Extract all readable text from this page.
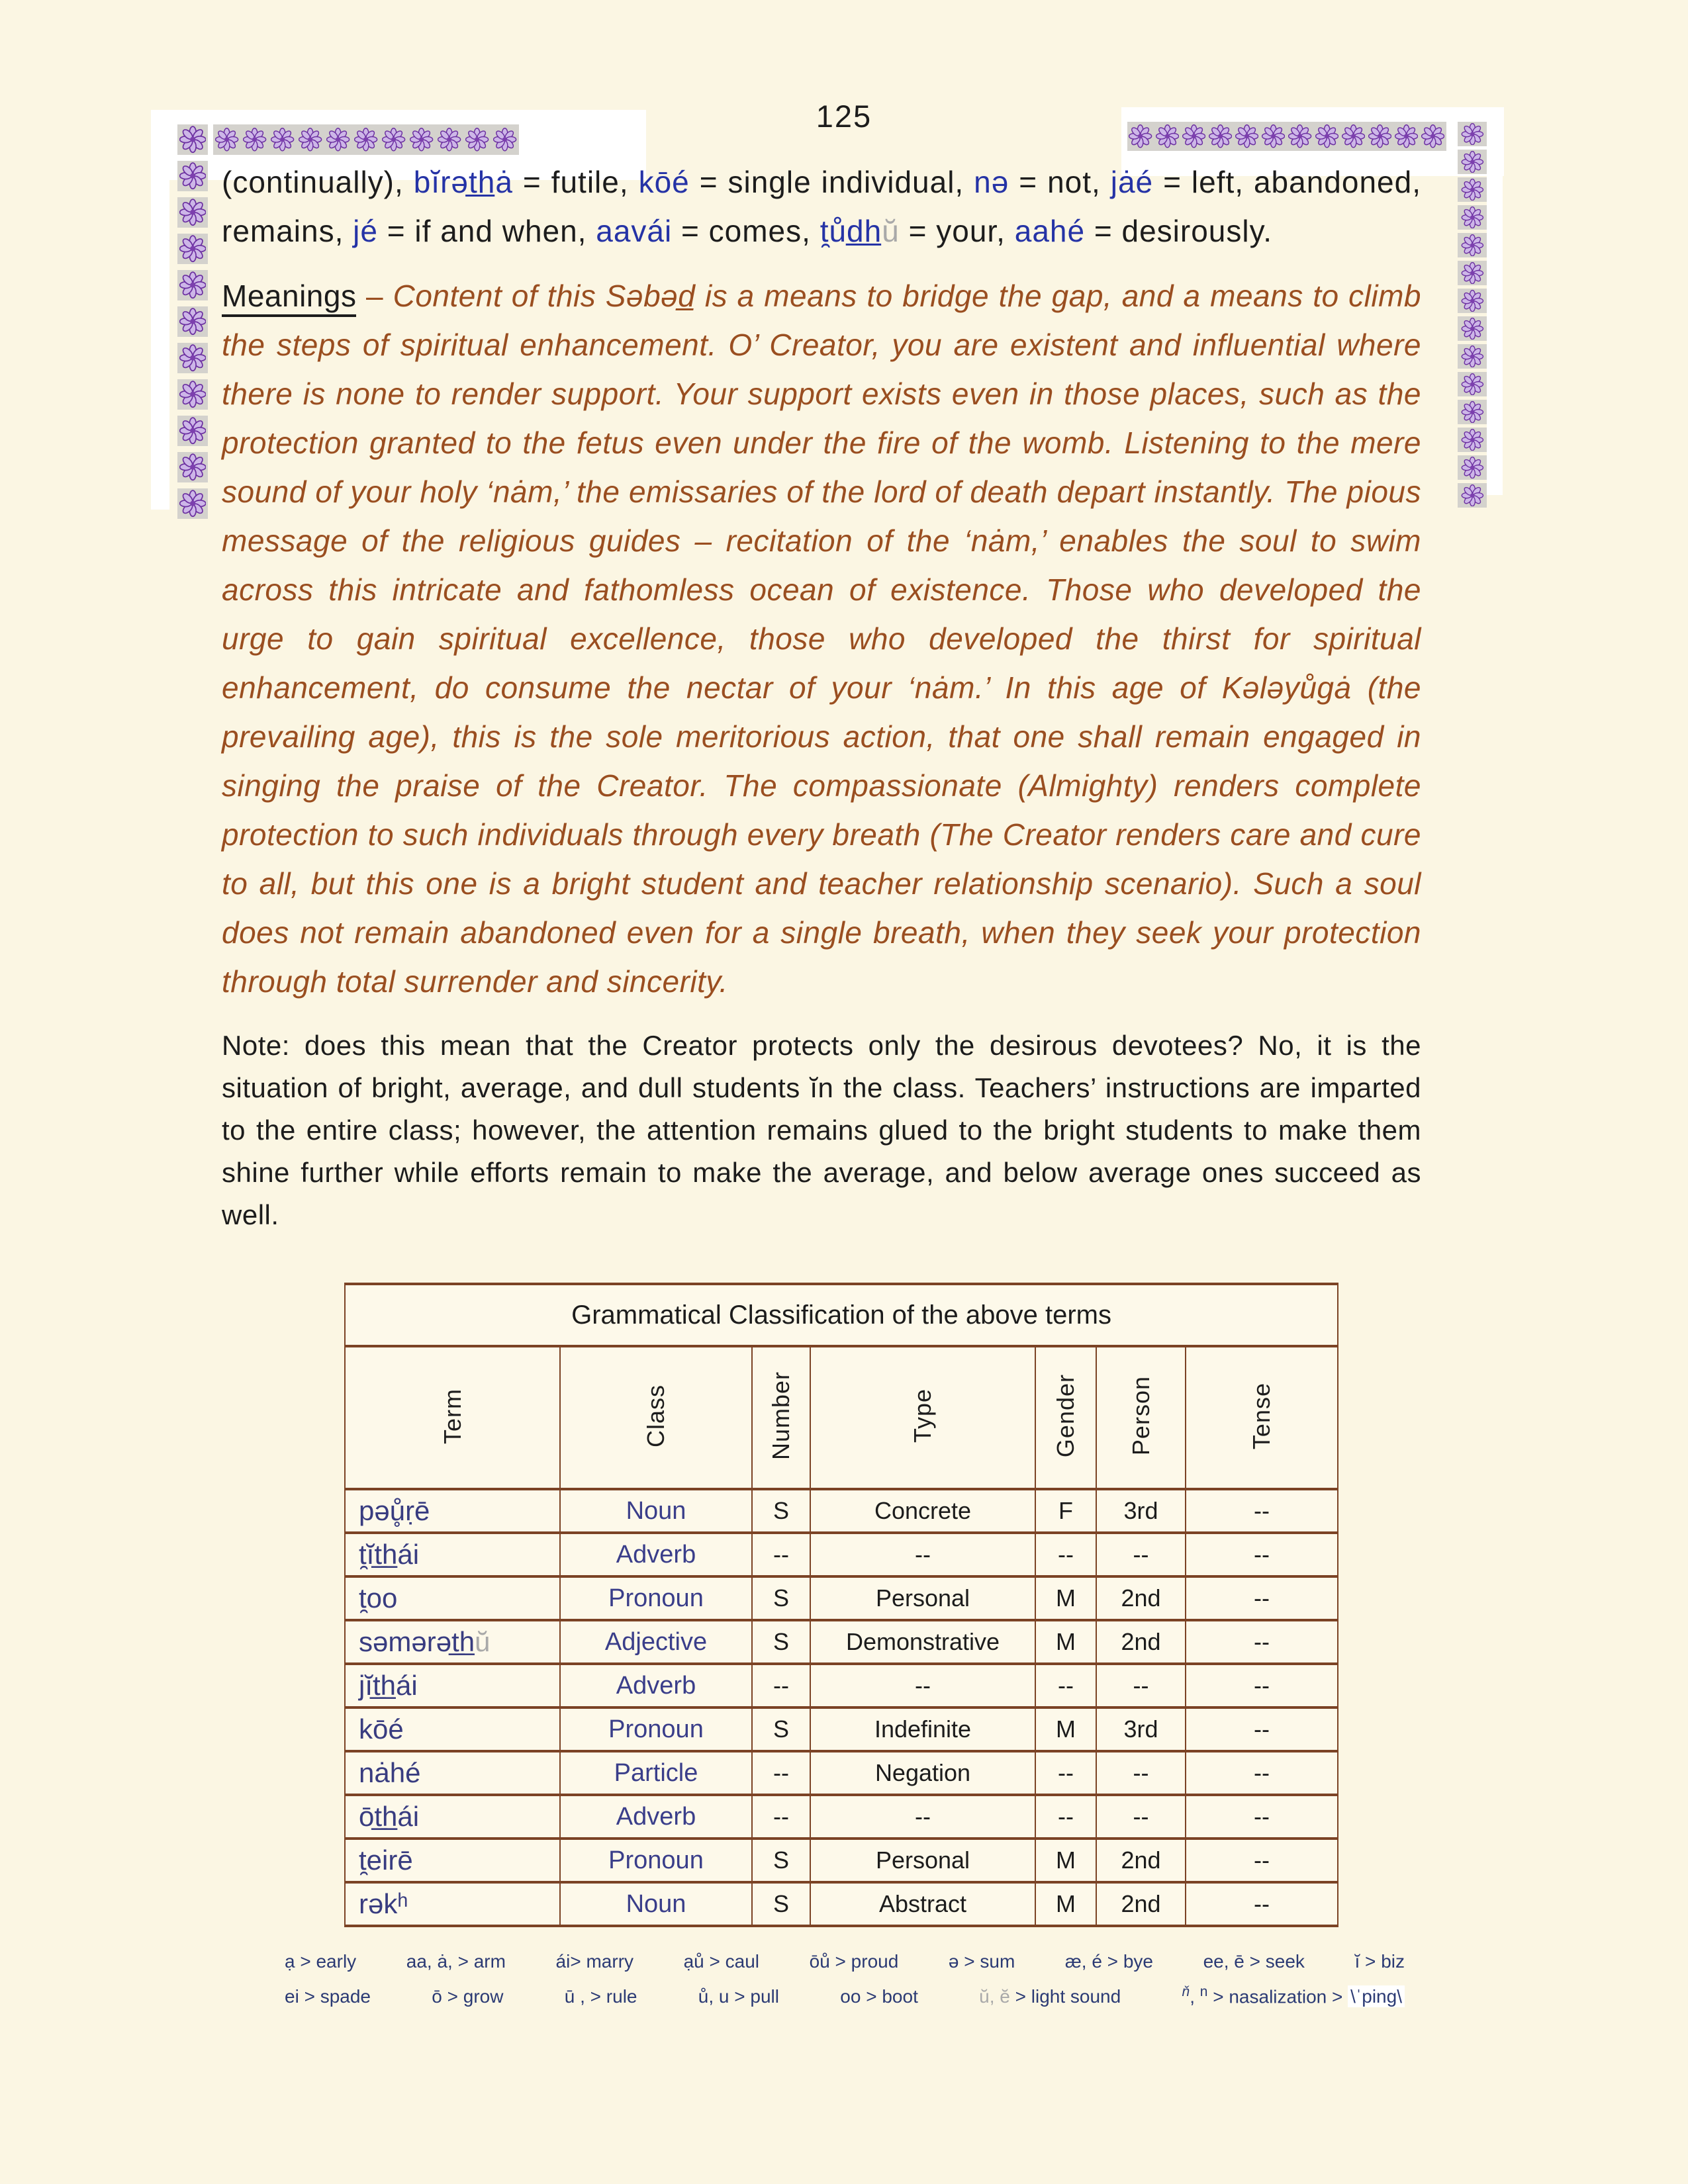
125

(continually), bĭrət̲h̲ȧ = futile, kōé = single individual, nə = not, jȧé = left, abandoned, remains, jé = if and when, aavái = comes, t̯ůd̲h̲ŭ = your, aahé = desirously.

Meanings – Content of this Səbəd̲ is a means to bridge the gap, and a means to climb the steps of spiritual enhancement. O’ Creator, you are existent and influential where there is none to render support. Your support exists even in those places, such as the protection granted to the fetus even under the fire of the womb. Listening to the mere sound of your holy ‘nȧm,’ the emissaries of the lord of death depart instantly. The pious message of the religious guides – recitation of the ‘nȧm,’ enables the soul to swim across this intricate and fathomless ocean of existence. Those who developed the urge to gain spiritual excellence, those who developed the thirst for spiritual enhancement, do consume the nectar of your ‘nȧm.’ In this age of Kələyůgȧ (the prevailing age), this is the sole meritorious action, that one shall remain engaged in singing the praise of the Creator. The compassionate (Almighty) renders complete protection to such individuals through every breath (The Creator renders care and cure to all, but this one is a bright student and teacher relationship scenario). Such a soul does not remain abandoned even for a single breath, when they seek your protection through total surrender and sincerity.

Note: does this mean that the Creator protects only the desirous devotees? No, it is the situation of bright, average, and dull students ĭn the class. Teachers’ instructions are imparted to the entire class; however, the attention remains glued to the bright students to make them shine further while efforts remain to make the average, and below average ones succeed as well.

Grammatical Classification of the above terms						
Term	Class	Number	Type	Gender	Person	Tense
pəů̥ṛē	Noun	S	Concrete	F	3rd	--
t̯ĭt̲h̲ái	Adverb	--	--	--	--	--
t̯oo	Pronoun	S	Personal	M	2nd	--
səmərət̲h̲ŭ	Adjective	S	Demonstrative	M	2nd	--
jĭt̲h̲ái	Adverb	--	--	--	--	--
kōé	Pronoun	S	Indefinite	M	3rd	--
nȧhé	Particle	--	Negation	--	--	--
ōt̲h̲ái	Adverb	--	--	--	--	--
t̯eirē	Pronoun	S	Personal	M	2nd	--
rəkʰ	Noun	S	Abstract	M	2nd	--
ạ > early	aa, ȧ, > arm	ái> marry	ạů > caul	ōů > proud	ə > sum	æ, é > bye	ee, ē > seek	ĭ > biz
ei > spade	ō > grow	ū , > rule	ů, u > pull	oo > boot	ŭ, ĕ > light sound	$^ň$, $^n$ > nasalization > \ˈping\
